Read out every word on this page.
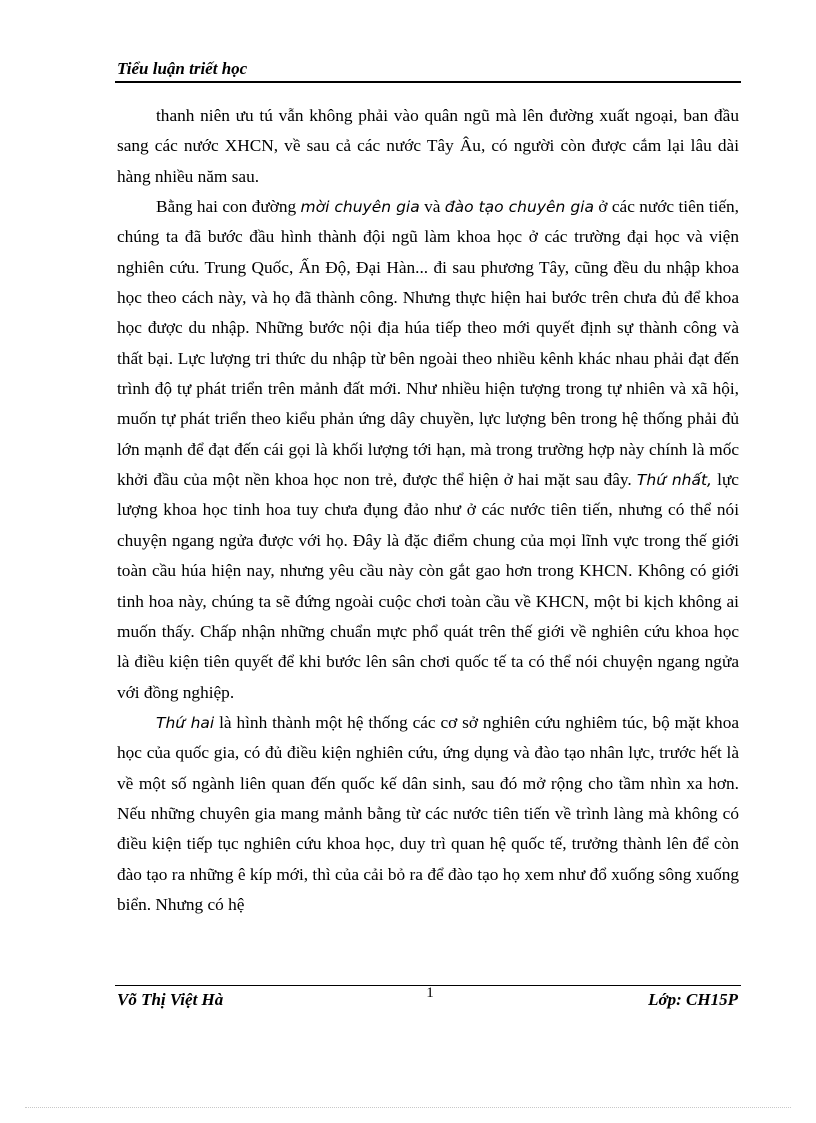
Tiểu luận triết học

thanh niên ưu tú vẫn không phải vào quân ngũ mà lên đường xuất ngoại, ban đầu sang các nước XHCN, về sau cả các nước Tây Âu, có người còn được cắm lại lâu dài hàng nhiều năm sau.

Bằng hai con đường mời chuyên gia và đào tạo chuyên gia ở các nước tiên tiến, chúng ta đã bước đầu hình thành đội ngũ làm khoa học ở các trường đại học và viện nghiên cứu. Trung Quốc, Ấn Độ, Đại Hàn... đi sau phương Tây, cũng đều du nhập khoa học theo cách này, và họ đã thành công. Nhưng thực hiện hai bước trên chưa đủ để khoa học được du nhập. Những bước nội địa húa tiếp theo mới quyết định sự thành công và thất bại. Lực lượng tri thức du nhập từ bên ngoài theo nhiều kênh khác nhau phải đạt đến trình độ tự phát triển trên mảnh đất mới. Như nhiều hiện tượng trong tự nhiên và xã hội, muốn tự phát triển theo kiểu phản ứng dây chuyền, lực lượng bên trong hệ thống phải đủ lớn mạnh để đạt đến cái gọi là khối lượng tới hạn, mà trong trường hợp này chính là mốc khởi đầu của một nền khoa học non trẻ, được thể hiện ở hai mặt sau đây. Thứ nhất, lực lượng khoa học tinh hoa tuy chưa đụng đảo như ở các nước tiên tiến, nhưng có thể nói chuyện ngang ngửa được với họ. Đây là đặc điểm chung của mọi lĩnh vực trong thế giới toàn cầu húa hiện nay, nhưng yêu cầu này còn gắt gao hơn trong KHCN. Không có giới tinh hoa này, chúng ta sẽ đứng ngoài cuộc chơi toàn cầu về KHCN, một bi kịch không ai muốn thấy. Chấp nhận những chuẩn mực phổ quát trên thế giới về nghiên cứu khoa học là điều kiện tiên quyết để khi bước lên sân chơi quốc tế ta có thể nói chuyện ngang ngửa với đồng nghiệp.

Thứ hai là hình thành một hệ thống các cơ sở nghiên cứu nghiêm túc, bộ mặt khoa học của quốc gia, có đủ điều kiện nghiên cứu, ứng dụng và đào tạo nhân lực, trước hết là về một số ngành liên quan đến quốc kế dân sinh, sau đó mở rộng cho tầm nhìn xa hơn. Nếu những chuyên gia mang mảnh bằng từ các nước tiên tiến về trình làng mà không có điều kiện tiếp tục nghiên cứu khoa học, duy trì quan hệ quốc tế, trưởng thành lên để còn đào tạo ra những ê kíp mới, thì của cải bỏ ra để đào tạo họ xem như đổ xuống sông xuống biển. Nhưng có hệ

Võ Thị Việt Hà	1	Lớp: CH15P
